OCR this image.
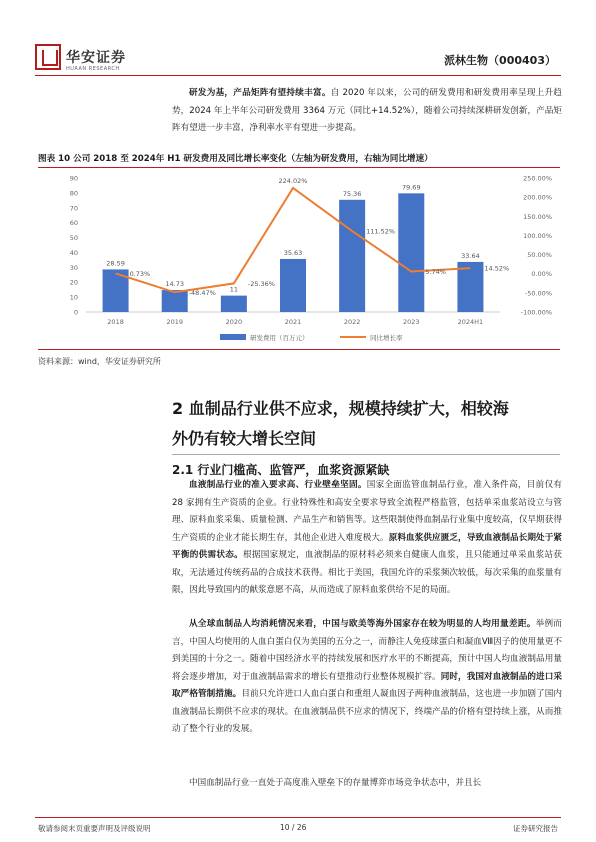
华安证券
HUAAN RESEARCH
派林生物（000403）
研发为基，产品矩阵有望持续丰富。自 2020 年以来，公司的研发费用和研发费用率呈现上升趋势，2024 年上半年公司研发费用 3364 万元（同比+14.52%），随着公司持续深耕研发创新，产品矩阵有望进一步丰富，净利率水平有望进一步提高。
图表 10 公司 2018 至 2024年 H1 研发费用及同比增长率变化（左轴为研发费用，右轴为同比增速）
0
10
20
30
40
50
60
70
80
90
-100.00%
-50.00%
0.00%
50.00%
100.00%
150.00%
200.00%
250.00%
2018	2019	2020	2021	2022	2023	2024H1
28.59
14.73
11
35.63
75.36
79.69
33.64
0.73%
-48.47%
-25.36%
224.02%
111.52%
5.74%	14.52%
研发费用（百万元）	同比增长率
资料来源：wind，华安证券研究所
2 血制品行业供不应求，规模持续扩大，相较海
外仍有较大增长空间
2.1 行业门槛高、监管严，血浆资源紧缺
血液制品行业的准入要求高、行业壁垒坚固。国家全面监管血制品行业，准入条件高，目前仅有 28 家拥有生产资质的企业。行业特殊性和高安全要求导致全流程严格监管，包括单采血浆站设立与管理、原料血浆采集、质量检测、产品生产和销售等。这些限制使得血制品行业集中度较高，仅早期获得生产资质的企业才能长期生存，其他企业进入难度极大。原料血浆供应匮乏，导致血液制品长期处于紧平衡的供需状态。根据国家规定，血液制品的原材料必须来自健康人血浆，且只能通过单采血浆站获取，无法通过传统药品的合成技术获得。相比于美国，我国允许的采浆频次较低，每次采集的血浆量有限，因此导致国内的献浆意愿不高，从而造成了原料血浆供给不足的局面。
从全球血制品人均消耗情况来看，中国与欧美等海外国家存在较为明显的人均用量差距。举例而言，中国人均使用的人血白蛋白仅为美国的五分之一，而静注人免疫球蛋白和凝血Ⅷ因子的使用量更不到美国的十分之一。随着中国经济水平的持续发展和医疗水平的不断提高，预计中国人均血液制品用量将会逐步增加，对于血液制品需求的增长有望推动行业整体规模扩容。同时，我国对血液制品的进口采取严格管制措施。目前只允许进口人血白蛋白和重组人凝血因子两种血液制品，这也进一步加剧了国内血液制品长期供不应求的现状。在血液制品供不应求的情况下，终端产品的价格有望持续上涨，从而推动了整个行业的发展。
中国血制品行业一直处于高度准入壁垒下的存量博弈市场竞争状态中，并且长
敬请参阅末页重要声明及评级说明	10 / 26	证券研究报告
